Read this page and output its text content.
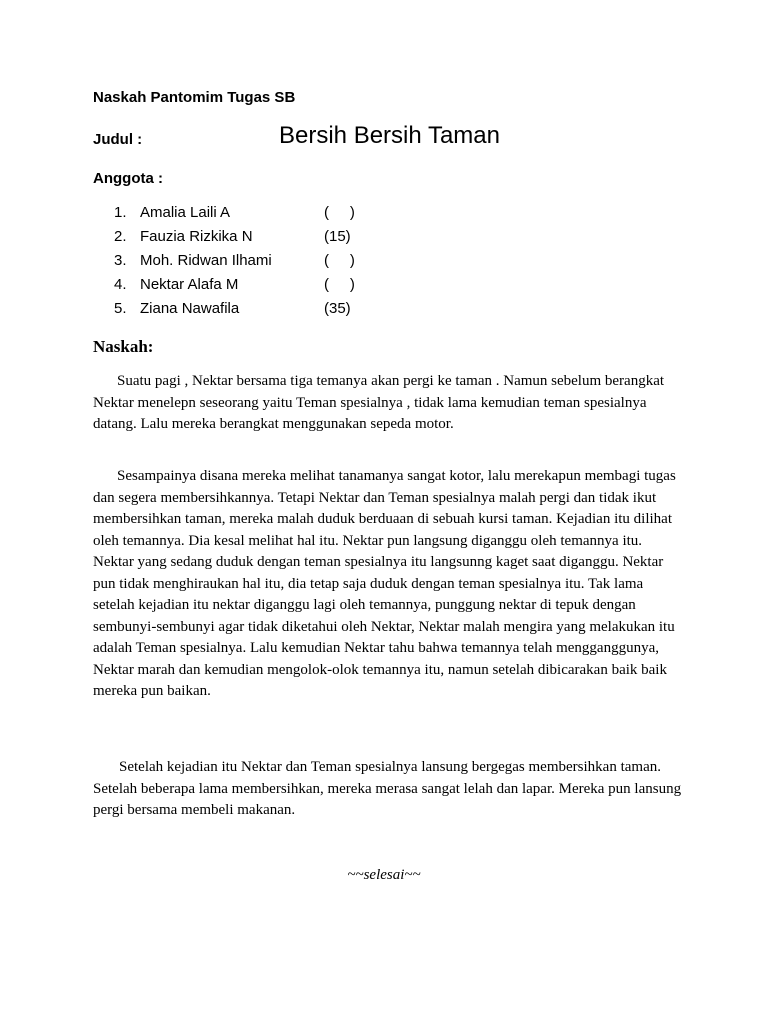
Naskah Pantomim Tugas SB
Judul :	Bersih Bersih Taman
Anggota :
1. Amalia Laili A	(     )
2. Fauzia Rizkika N	(15)
3. Moh. Ridwan Ilhami	(     )
4. Nektar Alafa M	(     )
5. Ziana Nawafila	(35)
Naskah:

Suatu pagi , Nektar bersama tiga temanya akan pergi ke taman . Namun sebelum berangkat Nektar menelepn seseorang yaitu Teman spesialnya , tidak lama kemudian teman spesialnya datang. Lalu mereka berangkat menggunakan sepeda motor.

Sesampainya disana mereka melihat tanamanya sangat kotor, lalu merekapun membagi tugas dan segera membersihkannya. Tetapi Nektar dan Teman spesialnya malah pergi dan tidak ikut membersihkan taman, mereka malah duduk berduaan di sebuah kursi taman. Kejadian itu dilihat oleh temannya. Dia kesal melihat hal itu. Nektar pun langsung diganggu oleh temannya itu. Nektar yang sedang duduk dengan teman spesialnya itu langsunng kaget saat diganggu. Nektar pun tidak menghiraukan hal itu, dia tetap saja duduk dengan teman spesialnya itu. Tak lama setelah kejadian itu nektar diganggu lagi oleh temannya, punggung nektar di tepuk dengan sembunyi-sembunyi agar tidak diketahui oleh Nektar, Nektar malah mengira yang melakukan itu adalah Teman spesialnya. Lalu kemudian Nektar tahu bahwa temannya telah mengganggunya, Nektar marah dan kemudian mengolok-olok temannya itu, namun setelah dibicarakan baik baik mereka pun baikan.

Setelah kejadian itu Nektar dan Teman spesialnya lansung bergegas membersihkan taman. Setelah beberapa lama membersihkan, mereka merasa sangat lelah dan lapar. Mereka pun lansung pergi bersama membeli makanan.

~~selesai~~
